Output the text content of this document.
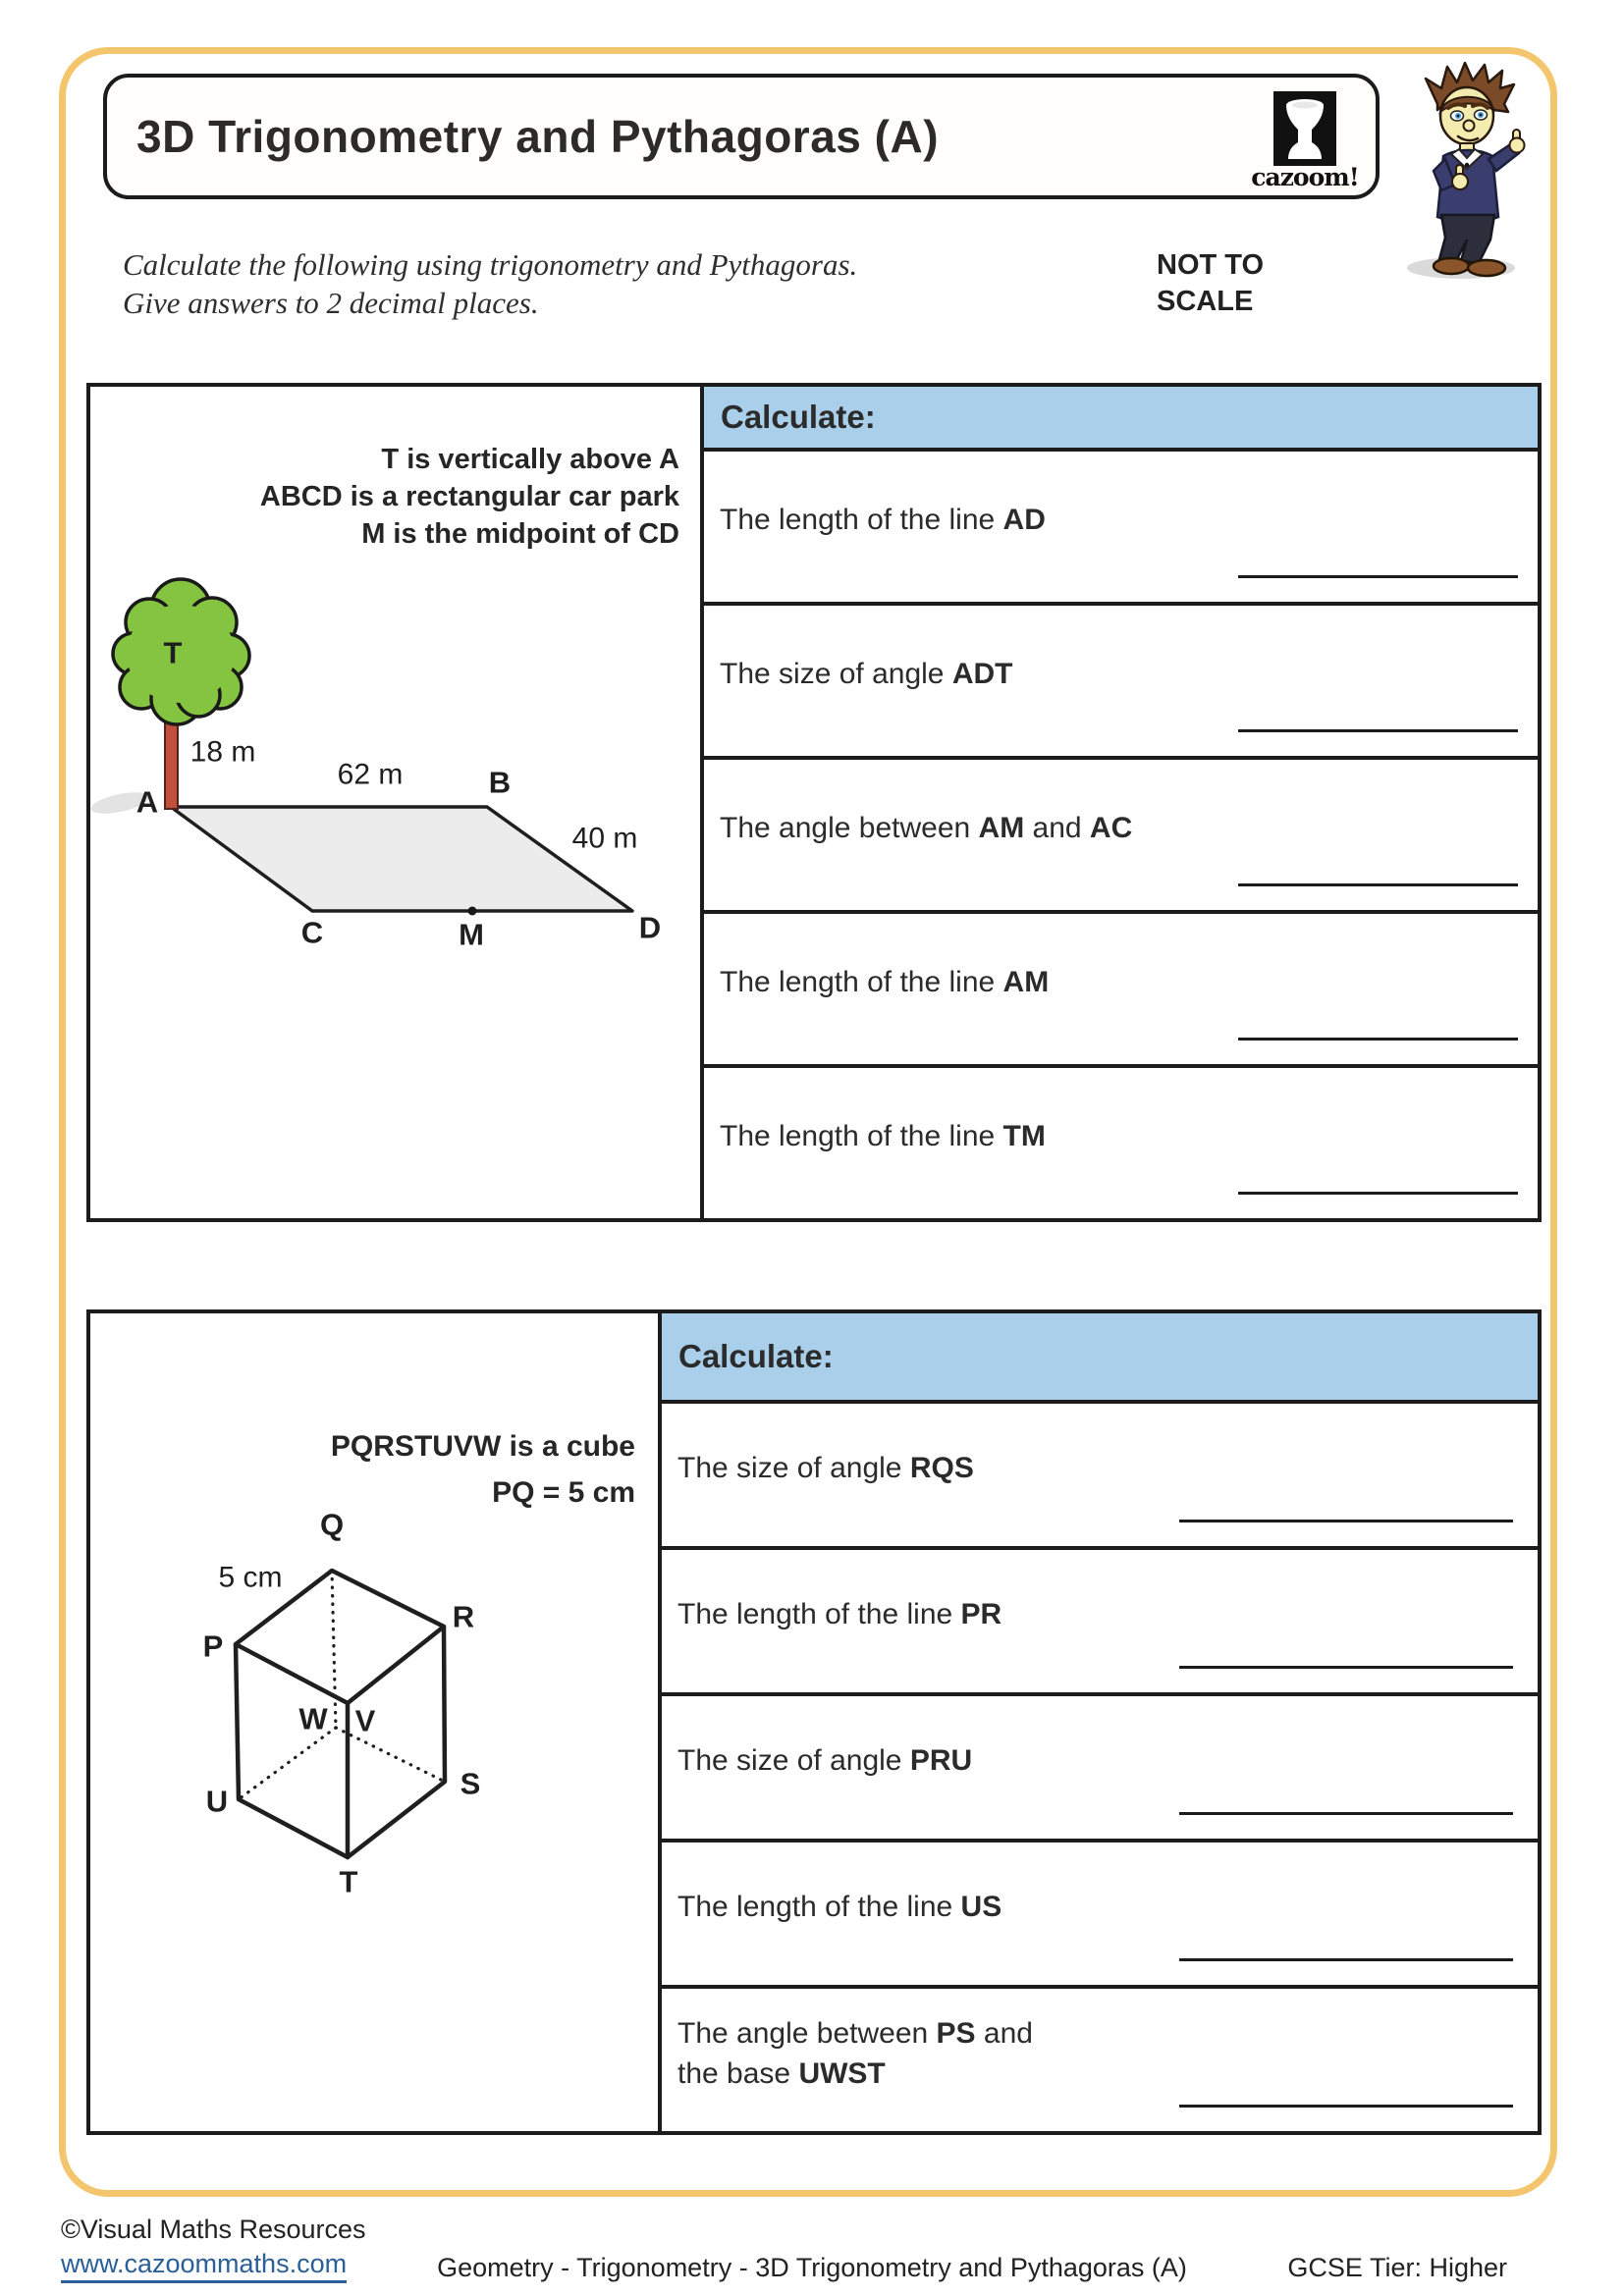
3D Trigonometry and Pythagoras (A)
cazoom!
Calculate the following using trigonometry and Pythagoras.
Give answers to 2 decimal places.
NOT TO
SCALE
T is vertically above A
ABCD is a rectangular car park
M is the midpoint of CD
T
A
B
C	M	D
18 m
62 m
40 m
Calculate:
The length of the line AD
The size of angle ADT
The angle between AM and AC
The length of the line AM
The length of the line TM
PQRSTUVW is a cube
PQ = 5 cm
Q
P
R
W V
U
S
T
5 cm
Calculate:
The size of angle RQS
The length of the line PR
The size of angle PRU
The length of the line US
The angle between PS and
the base UWST
©Visual Maths Resources
www.cazoommaths.com	Geometry - Trigonometry - 3D Trigonometry and Pythagoras (A)	GCSE Tier: Higher
